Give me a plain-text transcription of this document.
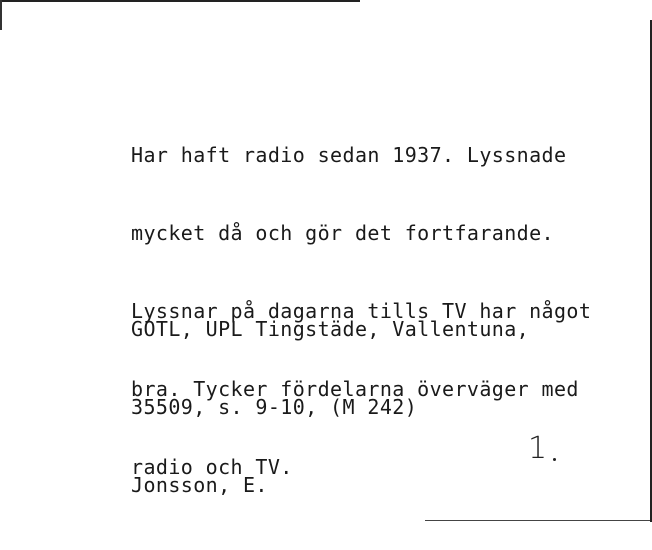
Har haft radio sedan 1937. Lyssnade

mycket då och gör det fortfarande.

Lyssnar på dagarna tills TV har något

bra. Tycker fördelarna överväger med

radio och TV.

GOTL, UPL Tingstäde, Vallentuna,

35509, s. 9-10, (M 242)

Jonsson, E.

1
